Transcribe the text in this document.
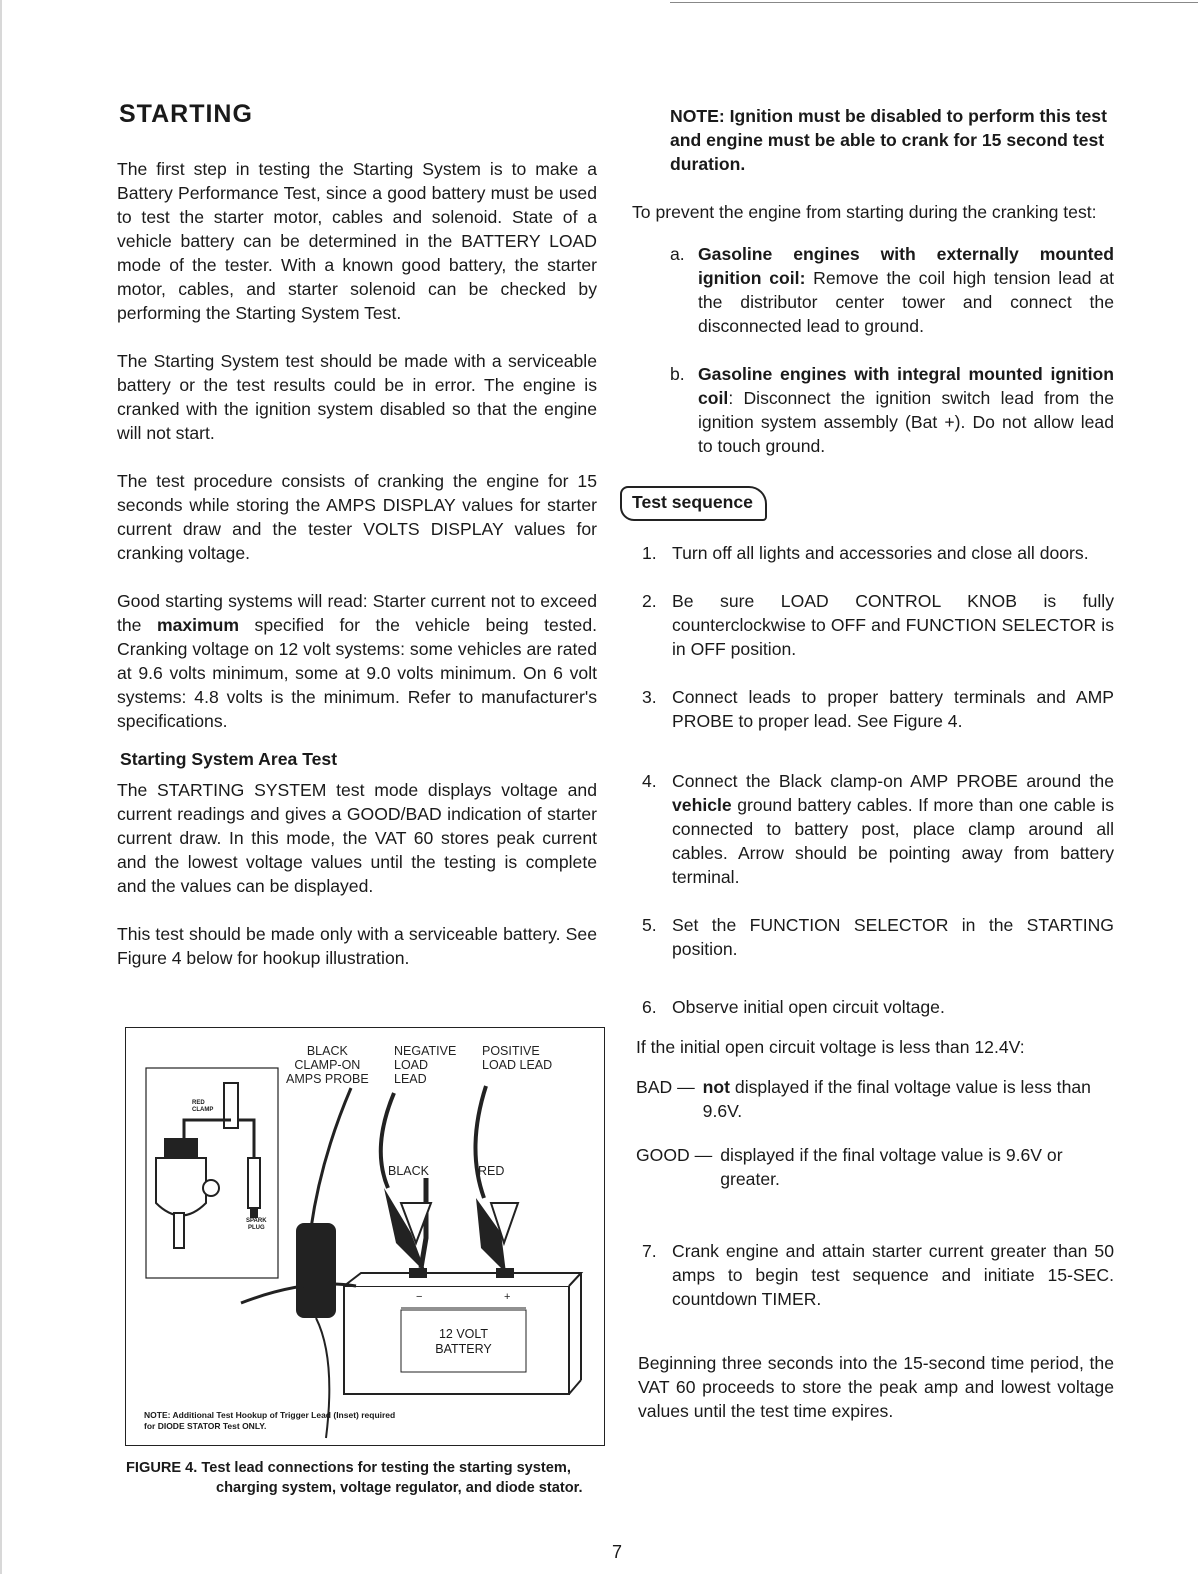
STARTING

The first step in testing the Starting System is to make a Battery Performance Test, since a good battery must be used to test the starter motor, cables and solenoid. State of a vehicle battery can be determined in the BATTERY LOAD mode of the tester. With a known good battery, the starter motor, cables, and starter solenoid can be checked by performing the Starting System Test.

The Starting System test should be made with a serviceable battery or the test results could be in error. The engine is cranked with the ignition system disabled so that the engine will not start.

The test procedure consists of cranking the engine for 15 seconds while storing the AMPS DISPLAY values for starter current draw and the tester VOLTS DISPLAY values for cranking voltage.

Good starting systems will read: Starter current not to exceed the maximum specified for the vehicle being tested. Cranking voltage on 12 volt systems: some vehicles are rated at 9.6 volts minimum, some at 9.0 volts minimum. On 6 volt systems: 4.8 volts is the minimum. Refer to manufacturer's specifications.

Starting System Area Test

The STARTING SYSTEM test mode displays voltage and current readings and gives a GOOD/BAD indication of starter current draw. In this mode, the VAT 60 stores peak current and the lowest voltage values until the testing is complete and the values can be displayed.

This test should be made only with a serviceable battery. See Figure 4 below for hookup illustration.

BLACK
CLAMP-ON
AMPS PROBE
NEGATIVE
LOAD
LEAD
POSITIVE
LOAD LEAD
BLACK	RED
12 VOLT
BATTERY
RED
CLAMP
SPARK
PLUG
−	+
NOTE: Additional Test Hookup of Trigger Lead (Inset) required
for DIODE STATOR Test ONLY.
FIGURE 4. Test lead connections for testing the starting system,
charging system, voltage regulator, and diode stator.
NOTE: Ignition must be disabled to perform this test and engine must be able to crank for 15 second test duration.

To prevent the engine from starting during the cranking test:

a. Gasoline engines with externally mounted ignition coil: Remove the coil high tension lead at the distributor center tower and connect the disconnected lead to ground.
b. Gasoline engines with integral mounted ignition coil: Disconnect the ignition switch lead from the ignition system assembly (Bat +). Do not allow lead to touch ground.
Test sequence
1. Turn off all lights and accessories and close all doors.
2. Be sure LOAD CONTROL KNOB is fully counterclockwise to OFF and FUNCTION SELECTOR is in OFF position.
3. Connect leads to proper battery terminals and AMP PROBE to proper lead. See Figure 4.
4. Connect the Black clamp-on AMP PROBE around the vehicle ground battery cables. If more than one cable is connected to battery post, place clamp around all cables. Arrow should be pointing away from battery terminal.
5. Set the FUNCTION SELECTOR in the STARTING position.
6. Observe initial open circuit voltage.
If the initial open circuit voltage is less than 12.4V:
BAD — not displayed if the final voltage value is less than 9.6V.
GOOD — displayed if the final voltage value is 9.6V or greater.
7. Crank engine and attain starter current greater than 50 amps to begin test sequence and initiate 15-SEC. countdown TIMER.

Beginning three seconds into the 15-second time period, the VAT 60 proceeds to store the peak amp and lowest voltage values until the test time expires.

7
